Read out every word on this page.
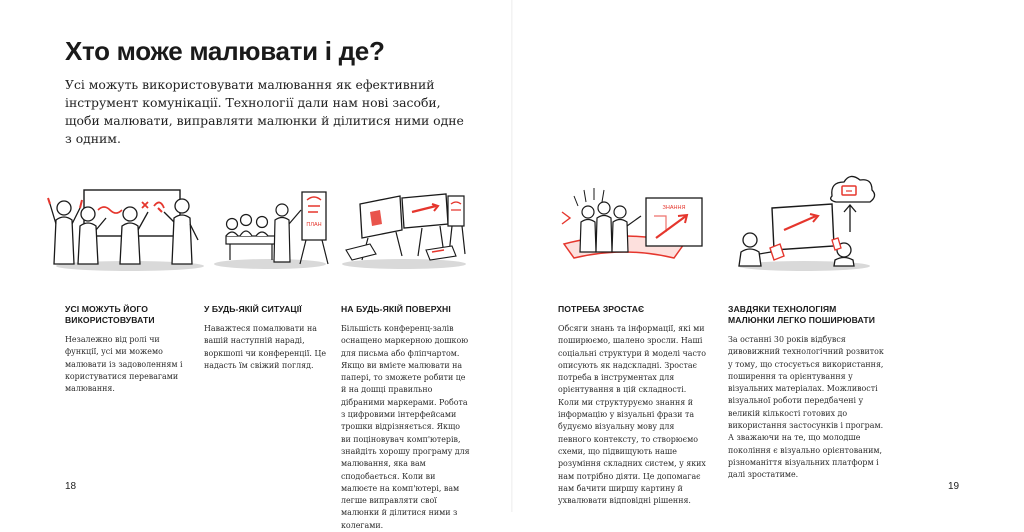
Хто може малювати і де?

Усі можуть використовувати малювання як ефективний інструмент комунікації. Технології дали нам нові засоби, щоби малювати, виправляти малюнки й ділитися ними одне з одним.

ПЛАН
ЗНАННЯ
УСІ МОЖУТЬ ЙОГО ВИКОРИСТОВУВАТИ

Незалежно від ролі чи функції, усі ми можемо малювати із задоволенням і користуватися перевагами малювання.

У БУДЬ-ЯКІЙ СИТУАЦІЇ

Наважтеся помалювати на вашій наступній нараді, воркшопі чи конференції. Це надасть їм свіжий погляд.

НА БУДЬ-ЯКІЙ ПОВЕРХНІ

Більшість конференц-залів оснащено маркерною дошкою для письма або фліпчартом. Якщо ви вмієте малювати на папері, то зможете робити це й на дошці правильно дібраними маркерами. Робота з цифровими інтерфейсами трошки відрізняється. Якщо ви поціновувач комп'ютерів, знайдіть хорошу програму для малювання, яка вам сподобається. Коли ви малюєте на комп'ютері, вам легше виправляти свої малюнки й ділитися ними з колегами.

ПОТРЕБА ЗРОСТАЄ

Обсяги знань та інформації, які ми поширюємо, шалено зросли. Наші соціальні структури й моделі часто описують як надскладні. Зростає потреба в інструментах для орієнтування в цій складності. Коли ми структуруємо знання й інформацію у візуальні фрази та будуємо візуальну мову для певного контексту, то створюємо схеми, що підвищують наше розуміння складних систем, у яких нам потрібно діяти. Це допомагає нам бачити ширшу картину й ухвалювати відповідні рішення.

ЗАВДЯКИ ТЕХНОЛОГІЯМ МАЛЮНКИ ЛЕГКО ПОШИРЮВАТИ

За останні 30 років відбувся дивовижний технологічний розвиток у тому, що стосується використання, поширення та орієнтування у візуальних матеріалах. Можливості візуальної роботи передбачені у великій кількості готових до використання застосунків і програм. А зважаючи на те, що молодше покоління є візуально орієнтованим, різноманіття візуальних платформ і далі зростатиме.

18	19
